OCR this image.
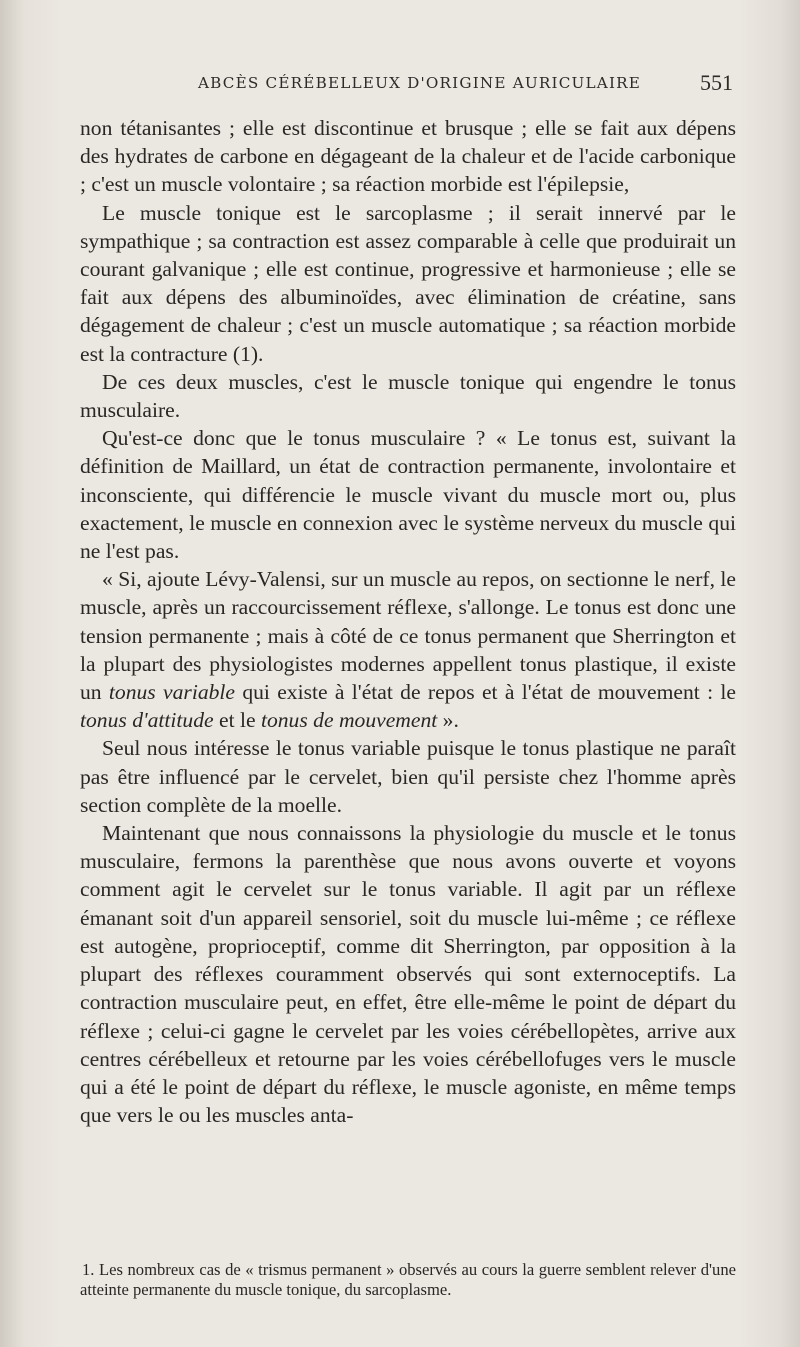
ABCÈS CÉRÉBELLEUX D'ORIGINE AURICULAIRE	551

non tétanisantes ; elle est discontinue et brusque ; elle se fait aux dépens des hydrates de carbone en dégageant de la chaleur et de l'acide carbonique ; c'est un muscle volontaire ; sa réaction morbide est l'épilepsie,

Le muscle tonique est le sarcoplasme ; il serait innervé par le sympathique ; sa contraction est assez comparable à celle que produirait un courant galvanique ; elle est continue, progressive et harmonieuse ; elle se fait aux dépens des albuminoïdes, avec élimination de créatine, sans dégagement de chaleur ; c'est un muscle automatique ; sa réaction morbide est la contracture (1).

De ces deux muscles, c'est le muscle tonique qui engendre le tonus musculaire.

Qu'est-ce donc que le tonus musculaire ? « Le tonus est, suivant la définition de Maillard, un état de contraction permanente, involontaire et inconsciente, qui différencie le muscle vivant du muscle mort ou, plus exactement, le muscle en connexion avec le système nerveux du muscle qui ne l'est pas.

« Si, ajoute Lévy-Valensi, sur un muscle au repos, on sectionne le nerf, le muscle, après un raccourcissement réflexe, s'allonge. Le tonus est donc une tension permanente ; mais à côté de ce tonus permanent que Sherrington et la plupart des physiologistes modernes appellent tonus plastique, il existe un tonus variable qui existe à l'état de repos et à l'état de mouvement : le tonus d'attitude et le tonus de mouvement ».

Seul nous intéresse le tonus variable puisque le tonus plastique ne paraît pas être influencé par le cervelet, bien qu'il persiste chez l'homme après section complète de la moelle.

Maintenant que nous connaissons la physiologie du muscle et le tonus musculaire, fermons la parenthèse que nous avons ouverte et voyons comment agit le cervelet sur le tonus variable. Il agit par un réflexe émanant soit d'un appareil sensoriel, soit du muscle lui-même ; ce réflexe est autogène, proprioceptif, comme dit Sherrington, par opposition à la plupart des réflexes couramment observés qui sont externoceptifs. La contraction musculaire peut, en effet, être elle-même le point de départ du réflexe ; celui-ci gagne le cervelet par les voies cérébellopètes, arrive aux centres cérébelleux et retourne par les voies cérébellofuges vers le muscle qui a été le point de départ du réflexe, le muscle agoniste, en même temps que vers le ou les muscles anta-

1. Les nombreux cas de « trismus permanent » observés au cours la guerre semblent relever d'une atteinte permanente du muscle tonique, du sarcoplasme.
